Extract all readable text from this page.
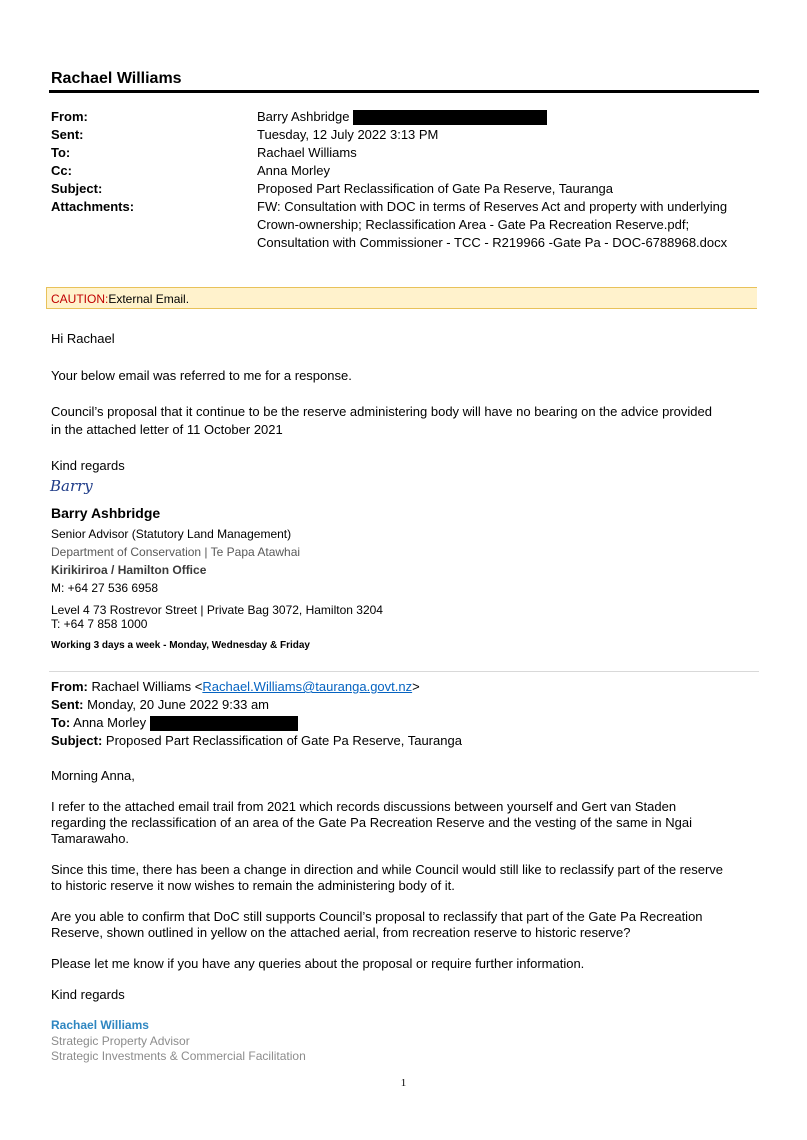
Rachael Williams
From:	Barry Ashbridge
Sent:	Tuesday, 12 July 2022 3:13 PM
To:	Rachael Williams
Cc:	Anna Morley
Subject:	Proposed Part Reclassification of Gate Pa Reserve, Tauranga
Attachments:	FW: Consultation with DOC in terms of Reserves Act and property with underlying
Crown-ownership; Reclassification Area - Gate Pa Recreation Reserve.pdf;
Consultation with Commissioner - TCC - R219966 -Gate Pa - DOC-6788968.docx
CAUTION:External Email.
Hi Rachael
Your below email was referred to me for a response.
Council’s proposal that it continue to be the reserve administering body will have no bearing on the advice provided
in the attached letter of 11 October 2021
Kind regards
Barry
Barry Ashbridge
Senior Advisor (Statutory Land Management)
Department of Conservation | Te Papa Atawhai
Kirikiriroa / Hamilton Office
M: +64 27 536 6958
Level 4 73 Rostrevor Street | Private Bag 3072, Hamilton 3204
T: +64 7 858 1000
Working 3 days a week - Monday, Wednesday & Friday
From: Rachael Williams <Rachael.Williams@tauranga.govt.nz>
Sent: Monday, 20 June 2022 9:33 am
To: Anna Morley
Subject: Proposed Part Reclassification of Gate Pa Reserve, Tauranga
Morning Anna,
I refer to the attached email trail from 2021 which records discussions between yourself and Gert van Staden
regarding the reclassification of an area of the Gate Pa Recreation Reserve and the vesting of the same in Ngai
Tamarawaho.
Since this time, there has been a change in direction and while Council would still like to reclassify part of the reserve
to historic reserve it now wishes to remain the administering body of it.
Are you able to confirm that DoC still supports Council’s proposal to reclassify that part of the Gate Pa Recreation
Reserve, shown outlined in yellow on the attached aerial, from recreation reserve to historic reserve?
Please let me know if you have any queries about the proposal or require further information.
Kind regards
Rachael Williams
Strategic Property Advisor
Strategic Investments & Commercial Facilitation
1
